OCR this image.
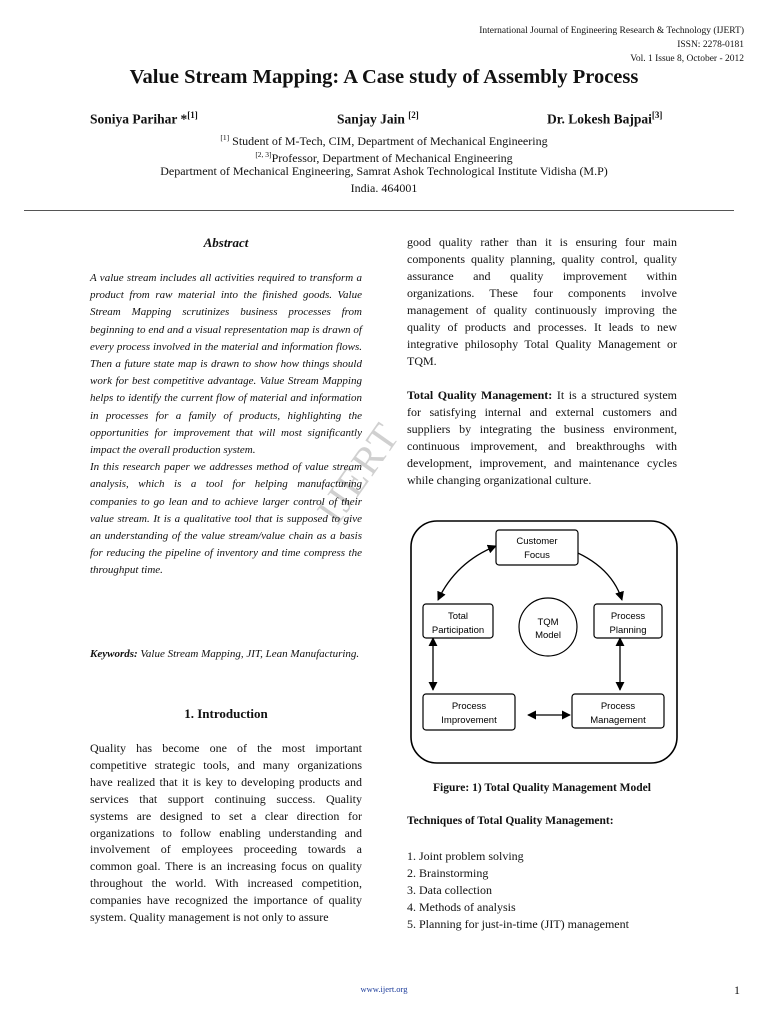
International Journal of Engineering Research & Technology (IJERT)
ISSN: 2278-0181
Vol. 1 Issue 8, October - 2012
Value Stream Mapping: A Case study of Assembly Process
Soniya Parihar *[1]	Sanjay Jain [2]	Dr. Lokesh Bajpai[3]
[1] Student of M-Tech, CIM, Department of Mechanical Engineering
[2, 3]Professor, Department of Mechanical Engineering
Department of Mechanical Engineering, Samrat Ashok Technological Institute Vidisha (M.P)
India. 464001
IJERT
Abstract

A value stream includes all activities required to transform a product from raw material into the finished goods. Value Stream Mapping scrutinizes business processes from beginning to end and a visual representation map is drawn of every process involved in the material and information flows. Then a future state map is drawn to show how things should work for best competitive advantage. Value Stream Mapping helps to identify the current flow of material and information in processes for a family of products, highlighting the opportunities for improvement that will most significantly impact the overall production system.

In this research paper we addresses method of value stream analysis, which is a tool for helping manufacturing companies to go lean and to achieve larger control of their value stream. It is a qualitative tool that is supposed to give an understanding of the value stream/value chain as a basis for reducing the pipeline of inventory and time compress the throughput time.

Keywords: Value Stream Mapping, JIT, Lean Manufacturing.
1. Introduction
Quality has become one of the most important competitive strategic tools, and many organizations have realized that it is key to developing products and services that support continuing success. Quality systems are designed to set a clear direction for organizations to follow enabling understanding and involvement of employees proceeding towards a common goal. There is an increasing focus on quality throughout the world. With increased competition, companies have recognized the importance of quality system. Quality management is not only to assure
good quality rather than it is ensuring four main components quality planning, quality control, quality assurance and quality improvement within organizations. These four components involve management of quality continuously improving the quality of products and processes. It leads to new integrative philosophy Total Quality Management or TQM.
Total Quality Management: It is a structured system for satisfying internal and external customers and suppliers by integrating the business environment, continuous improvement, and breakthroughs with development, improvement, and maintenance cycles while changing organizational culture.
Customer
Focus
Total
Participation
TQM
Model
Process
Planning
Process
Improvement
Process
Management
Figure: 1) Total Quality Management Model
Techniques of Total Quality Management:
1. Joint problem solving
2. Brainstorming
3. Data collection
4. Methods of analysis
5. Planning for just-in-time (JIT) management
www.ijert.org	1
